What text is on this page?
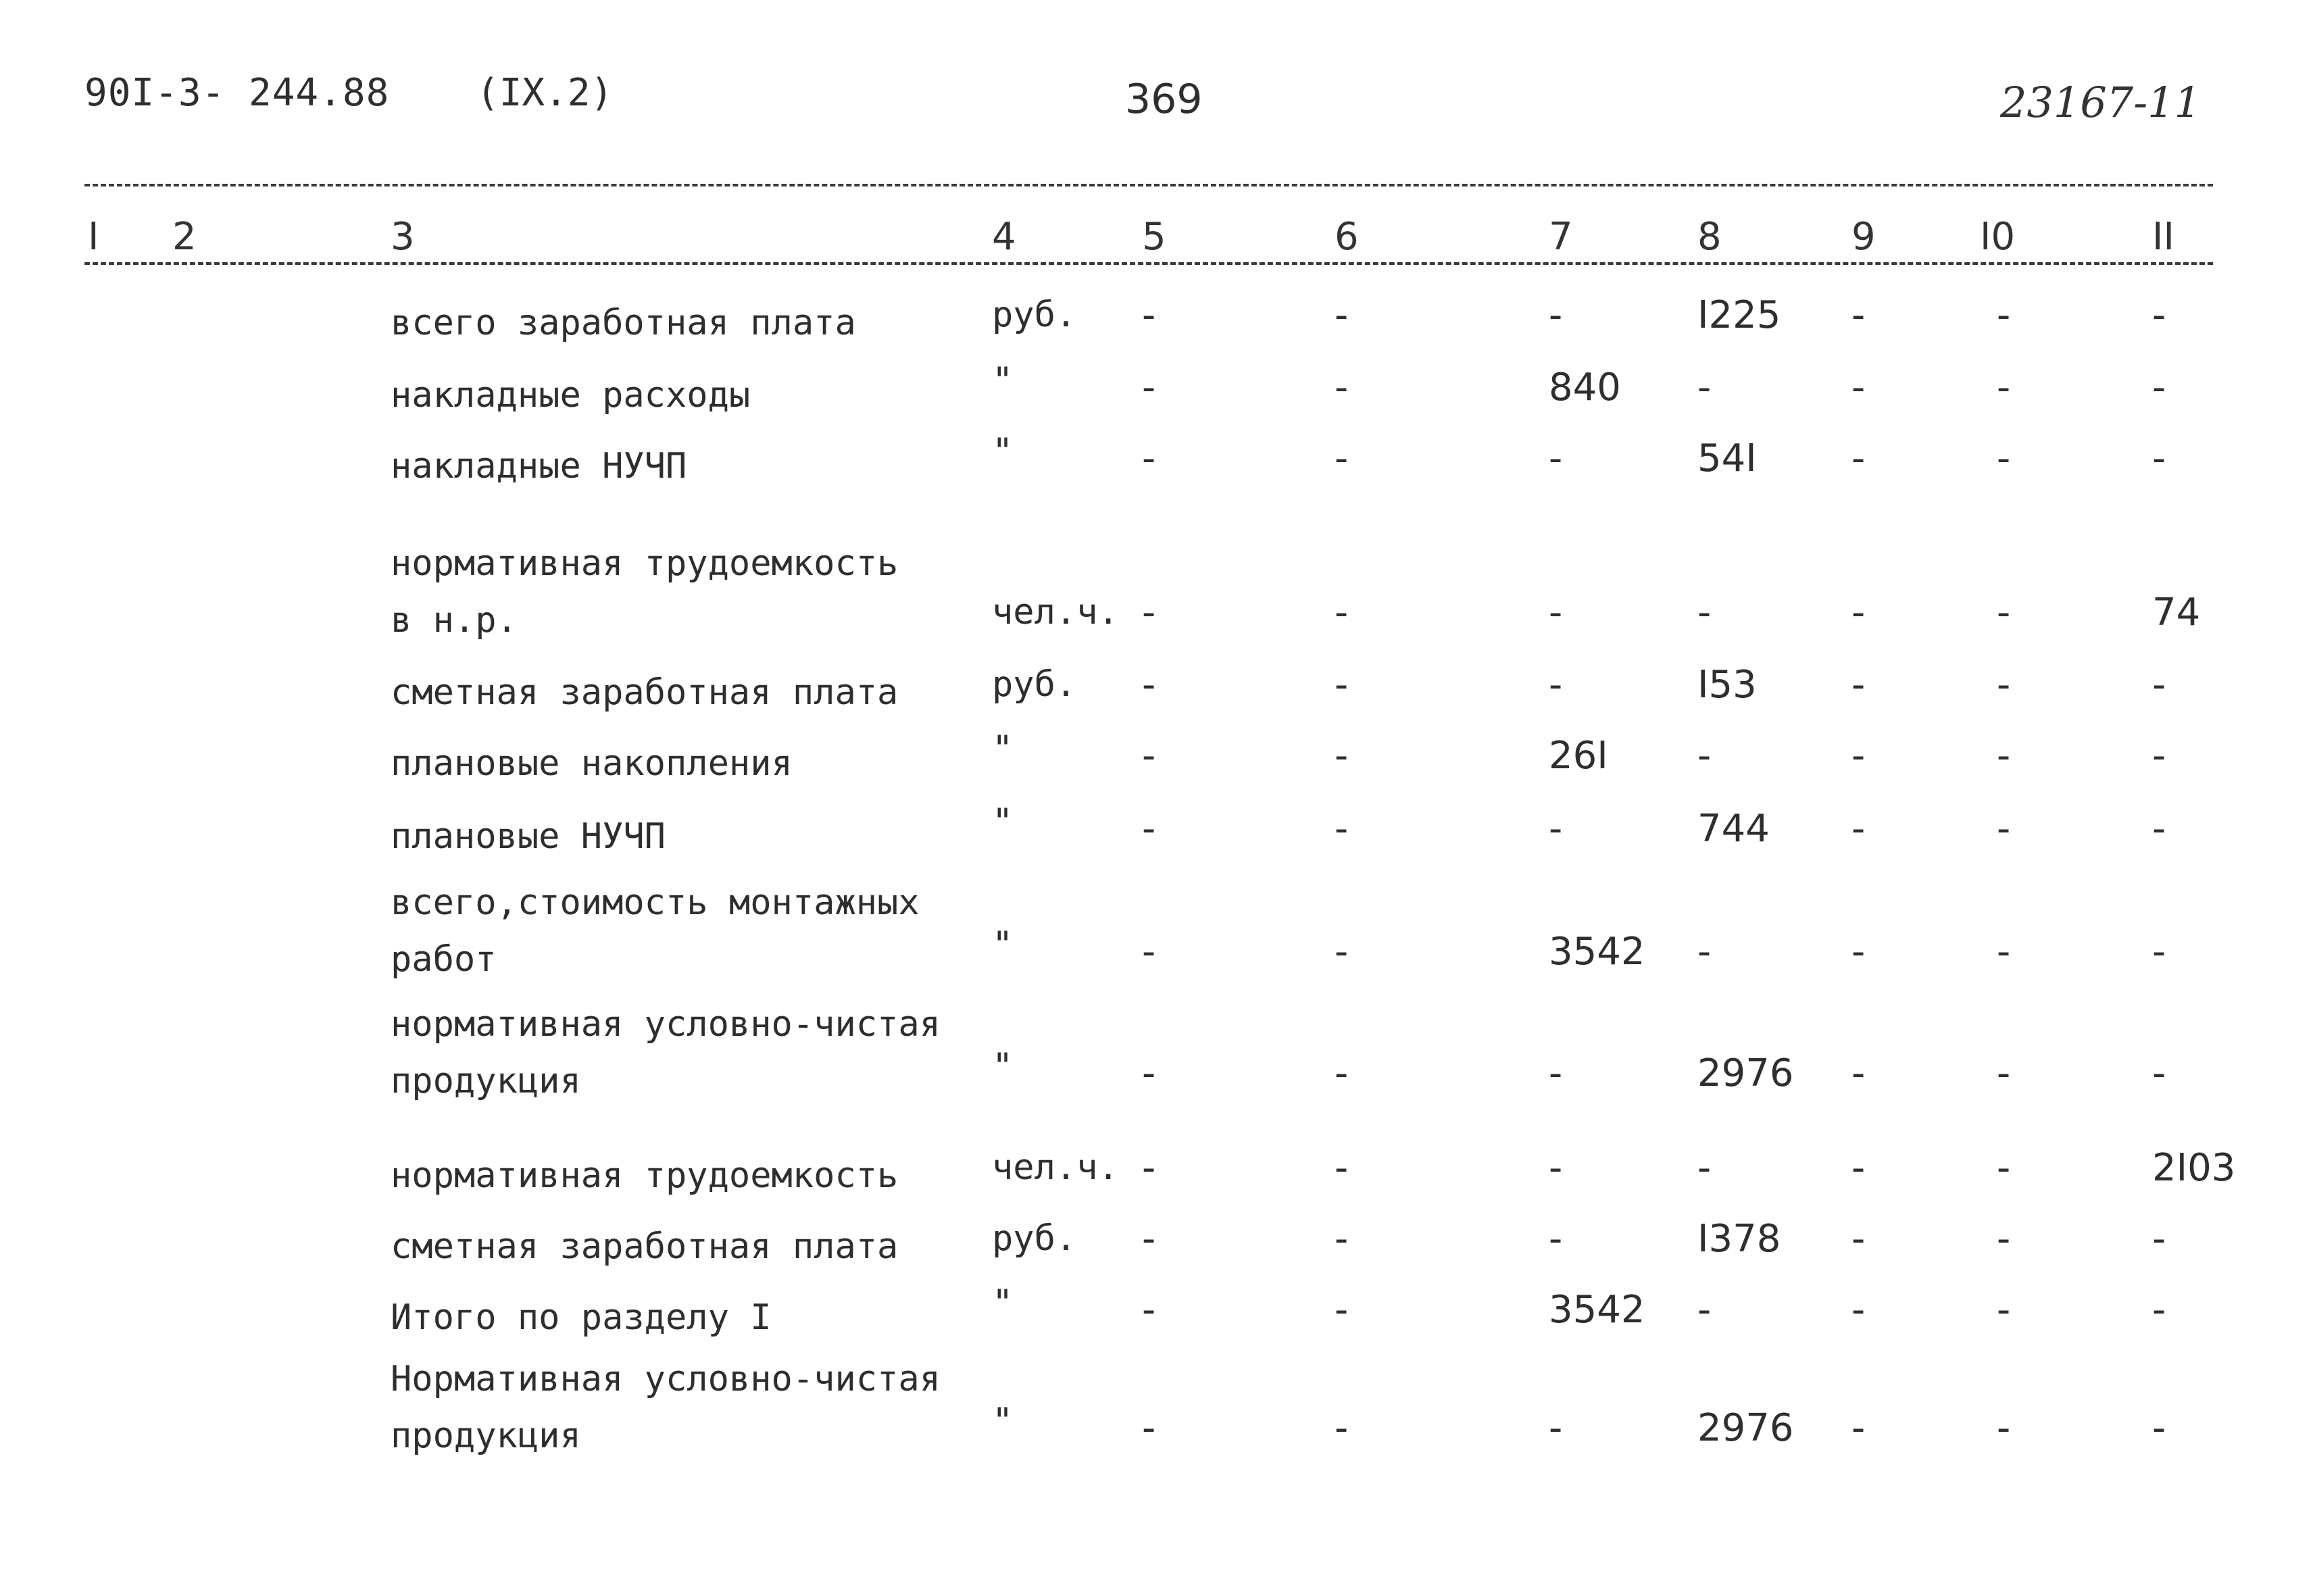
90I-3- 244.88 (IX.2)	369	23167-11
I 2	3	4	5	6	7	8	9	I0	II
всего заработная плата	руб. -	-	-	I225 -	-	-
накладные расходы	"	-	-	840 -	-	-	-
накладные НУЧП	"	-	-	-	54I	-	-	-
нормативная трудоемкость
в н.р.	чел.ч. -	-	-	-	-	-	74
сметная заработная плата	руб. -	-	-	I53	-	-	-
плановые накопления	"	-	-	26I -	-	-	-
плановые НУЧП	"	-	-	-	744 -	-	-
всего,стоимость монтажных
работ	"	-	-	3542 -	-	-	-
нормативная условно-чистая
продукция	"	-	-	-	2976 -	-	-
нормативная трудоемкость	чел.ч. -	-	-	-	-	-	2I03
сметная заработная плата	руб. -	-	-	I378 -	-	-
Итого по разделу I	"	-	-	3542 -	-	-	-
Нормативная условно-чистая
продукция	"	-	-	-	2976 -	-	-
